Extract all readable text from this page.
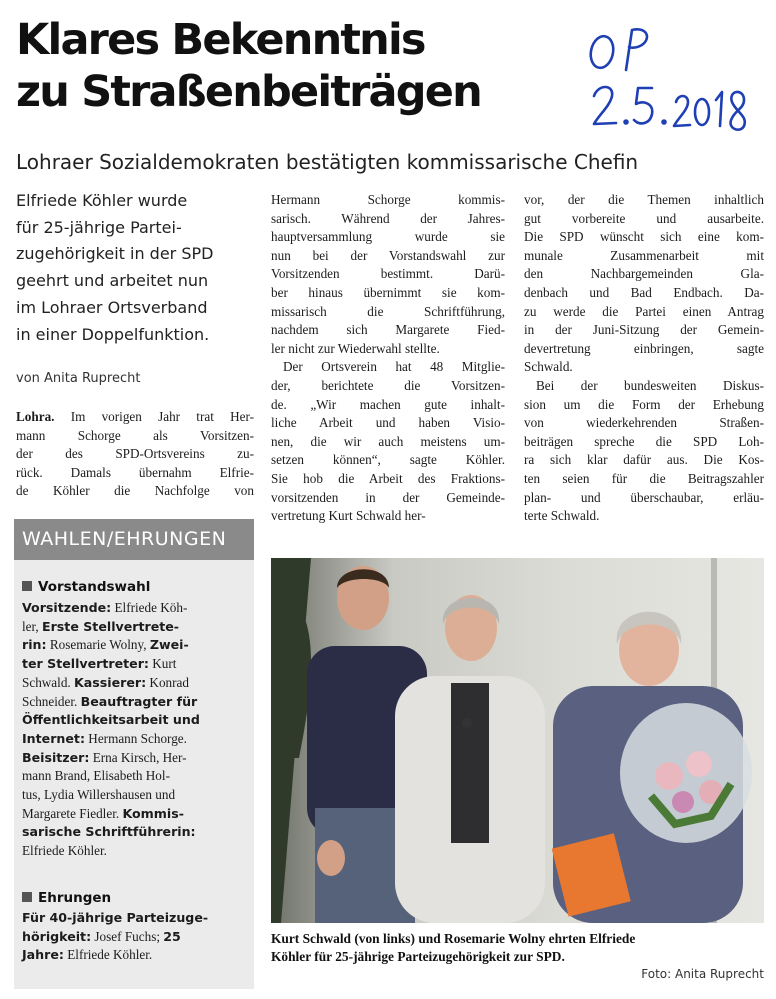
Klares Bekenntnis
zu Straßenbeiträgen
Lohraer Sozialdemokraten bestätigten kommissarische Chefin
Elfriede Köhler wurde
für 25-jährige Partei-
zugehörigkeit in der SPD
geehrt und arbeitet nun
im Lohraer Ortsverband
in einer Doppelfunktion.
von Anita Ruprecht
Lohra. Im vorigen Jahr trat Her-
mann Schorge als Vorsitzen-
der des SPD-Ortsvereins zu-
rück. Damals übernahm Elfrie-
de Köhler die Nachfolge von
Hermann Schorge kommis-
sarisch. Während der Jahres-
hauptversammlung wurde sie
nun bei der Vorstandswahl zur
Vorsitzenden bestimmt. Darü-
ber hinaus übernimmt sie kom-
missarisch die Schriftführung,
nachdem sich Margarete Fied-
ler nicht zur Wiederwahl stellte.
Der Ortsverein hat 48 Mitglie-
der, berichtete die Vorsitzen-
de. „Wir machen gute inhalt-
liche Arbeit und haben Visio-
nen, die wir auch meistens um-
setzen können“, sagte Köhler.
Sie hob die Arbeit des Fraktions-
vorsitzenden in der Gemeinde-
vertretung Kurt Schwald her-
vor, der die Themen inhaltlich
gut vorbereite und ausarbeite.
Die SPD wünscht sich eine kom-
munale Zusammenarbeit mit
den Nachbargemeinden Gla-
denbach und Bad Endbach. Da-
zu werde die Partei einen Antrag
in der Juni-Sitzung der Gemein-
devertretung einbringen, sagte
Schwald.
Bei der bundesweiten Diskus-
sion um die Form der Erhebung
von wiederkehrenden Straßen-
beiträgen spreche die SPD Loh-
ra sich klar dafür aus. Die Kos-
ten seien für die Beitragszahler
plan- und überschaubar, erläu-
terte Schwald.
WAHLEN/EHRUNGEN
Vorstandswahl
Vorsitzende: Elfriede Köh-
ler, Erste Stellvertrete-
rin: Rosemarie Wolny, Zwei-
ter Stellvertreter: Kurt
Schwald. Kassierer: Konrad
Schneider. Beauftragter für
Öffentlichkeitsarbeit und
Internet: Hermann Schorge.
Beisitzer: Erna Kirsch, Her-
mann Brand, Elisabeth Hol-
tus, Lydia Willershausen und
Margarete Fiedler. Kommis-
sarische Schriftführerin:
Elfriede Köhler.
Ehrungen
Für 40-jährige Parteizuge-
hörigkeit: Josef Fuchs; 25
Jahre: Elfriede Köhler.
Kurt Schwald (von links) und Rosemarie Wolny ehrten Elfriede
Köhler für 25-jährige Parteizugehörigkeit zur SPD.
Foto: Anita Ruprecht
